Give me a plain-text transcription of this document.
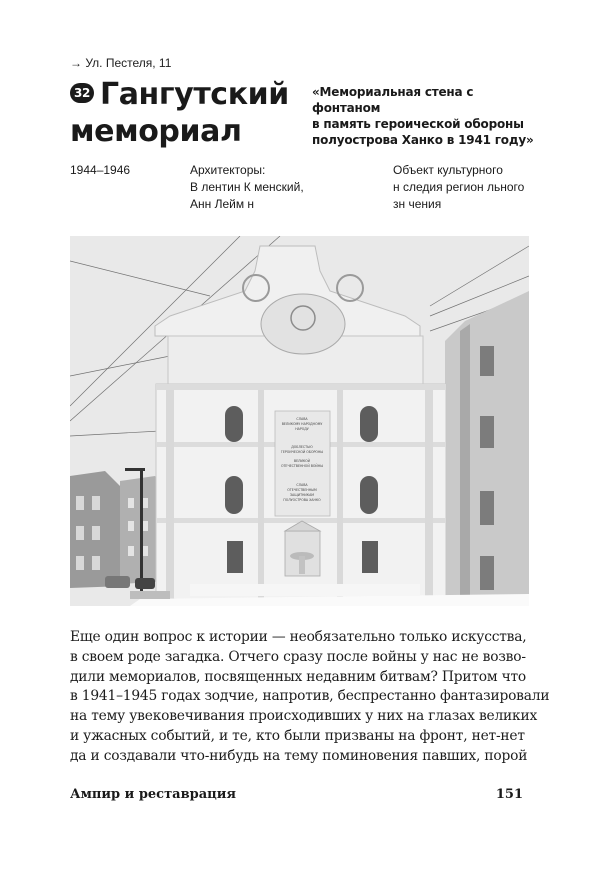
→ Ул. Пестеля, 11
32 Гангутский
мемориал
«Мемориальная стена с фонтаном
в память героической обороны
полуострова Ханко в 1941 году»
1944–1946	Архитекторы:
В лентин К менский,
Анн Лейм н
Объект культурного
н следия регион льного
зн чения
СЛАВА
ВЕЛИКОМУ НАРОДНОМУ
НАРОДУ
ДОБЛЕСТЬЮ
ГЕРОИЧЕСКОЙ ОБОРОНЫ
ВЕЛИКОЙ
ОТЕЧЕСТВЕННОЙ ВОЙНЫ
СЛАВА
ОТЕЧЕСТВЕННЫМ
ЗАЩИТНИКАМ
ПОЛУОСТРОВА ХАНКО
Еще один вопрос к истории — необязательно только искусства,
в своем роде загадка. Отчего сразу после войны у нас не возво-
дили мемориалов, посвященных недавним битвам? Притом что
в 1941–1945 годах зодчие, напротив, беспрестанно фантазировали
на тему увековечивания происходивших у них на глазах великих
и ужасных событий, и те, кто были призваны на фронт, нет-нет
да и создавали что-нибудь на тему поминовения павших, порой
Ампир и реставрация	151
